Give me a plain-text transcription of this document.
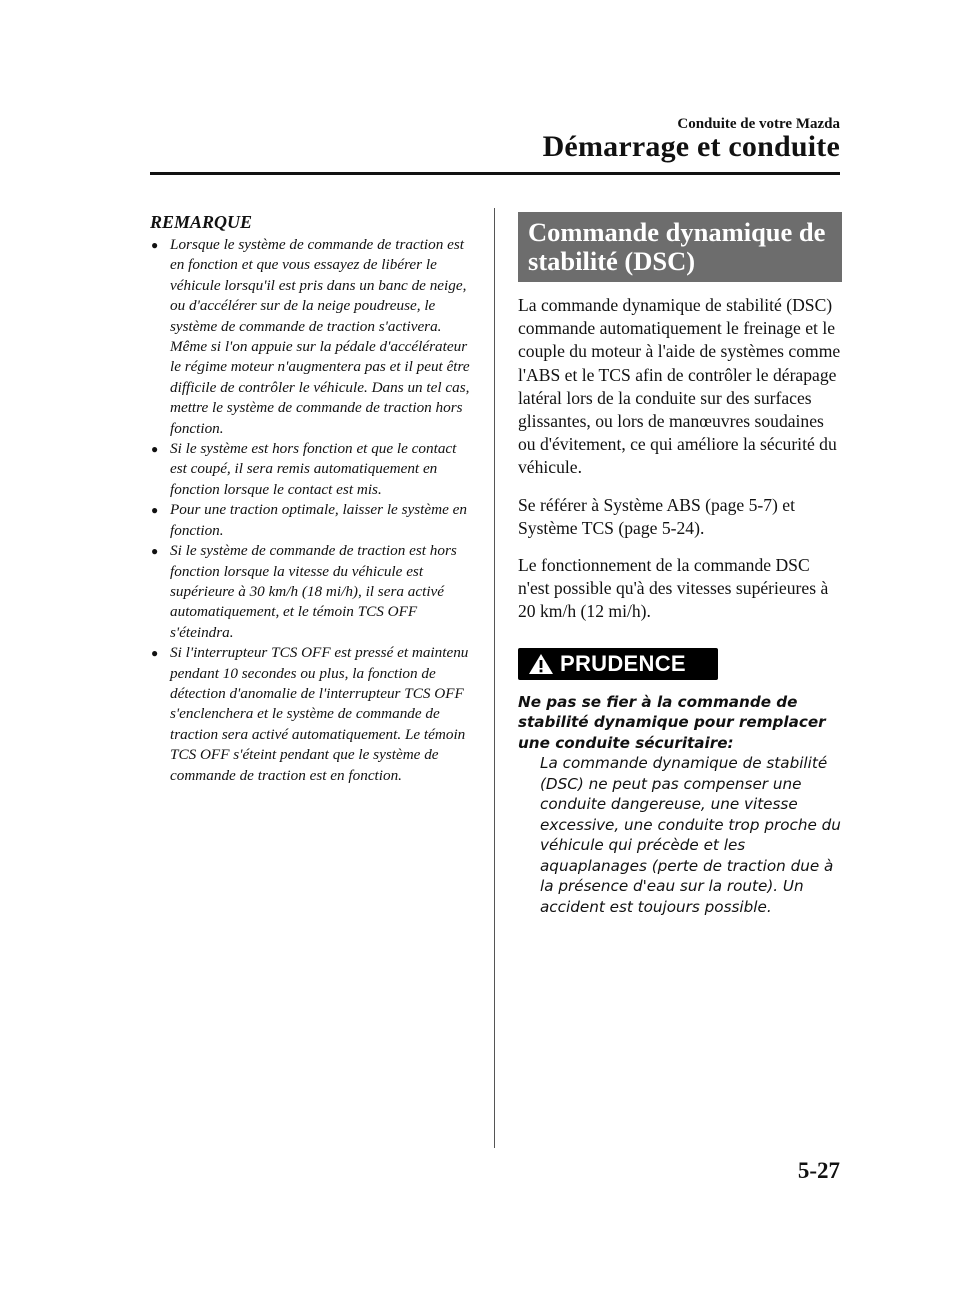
Conduite de votre Mazda
Démarrage et conduite
REMARQUE
● Lorsque le système de commande de traction est en fonction et que vous essayez de libérer le véhicule lorsqu'il est pris dans un banc de neige, ou d'accélérer sur de la neige poudreuse, le système de commande de traction s'activera. Même si l'on appuie sur la pédale d'accélérateur le régime moteur n'augmentera pas et il peut être difficile de contrôler le véhicule. Dans un tel cas, mettre le système de commande de traction hors fonction.
● Si le système est hors fonction et que le contact est coupé, il sera remis automatiquement en fonction lorsque le contact est mis.
● Pour une traction optimale, laisser le système en fonction.
● Si le système de commande de traction est hors fonction lorsque la vitesse du véhicule est supérieure à 30 km/h (18 mi/h), il sera activé automatiquement, et le témoin TCS OFF s'éteindra.
● Si l'interrupteur TCS OFF est pressé et maintenu pendant 10 secondes ou plus, la fonction de détection d'anomalie de l'interrupteur TCS OFF s'enclenchera et le système de commande de traction sera activé automatiquement. Le témoin TCS OFF s'éteint pendant que le système de commande de traction est en fonction.
Commande dynamique de
stabilité (DSC)

La commande dynamique de stabilité (DSC) commande automatiquement le freinage et le couple du moteur à l'aide de systèmes comme l'ABS et le TCS afin de contrôler le dérapage latéral lors de la conduite sur des surfaces glissantes, ou lors de manœuvres soudaines ou d'évitement, ce qui améliore la sécurité du véhicule.

Se référer à Système ABS (page 5-7) et Système TCS (page 5-24).

Le fonctionnement de la commande DSC n'est possible qu'à des vitesses supérieures à 20 km/h (12 mi/h).

PRUDENCE
Ne pas se fier à la commande de stabilité dynamique pour remplacer une conduite sécuritaire:
La commande dynamique de stabilité (DSC) ne peut pas compenser une conduite dangereuse, une vitesse excessive, une conduite trop proche du véhicule qui précède et les aquaplanages (perte de traction due à la présence d'eau sur la route). Un accident est toujours possible.
5-27
